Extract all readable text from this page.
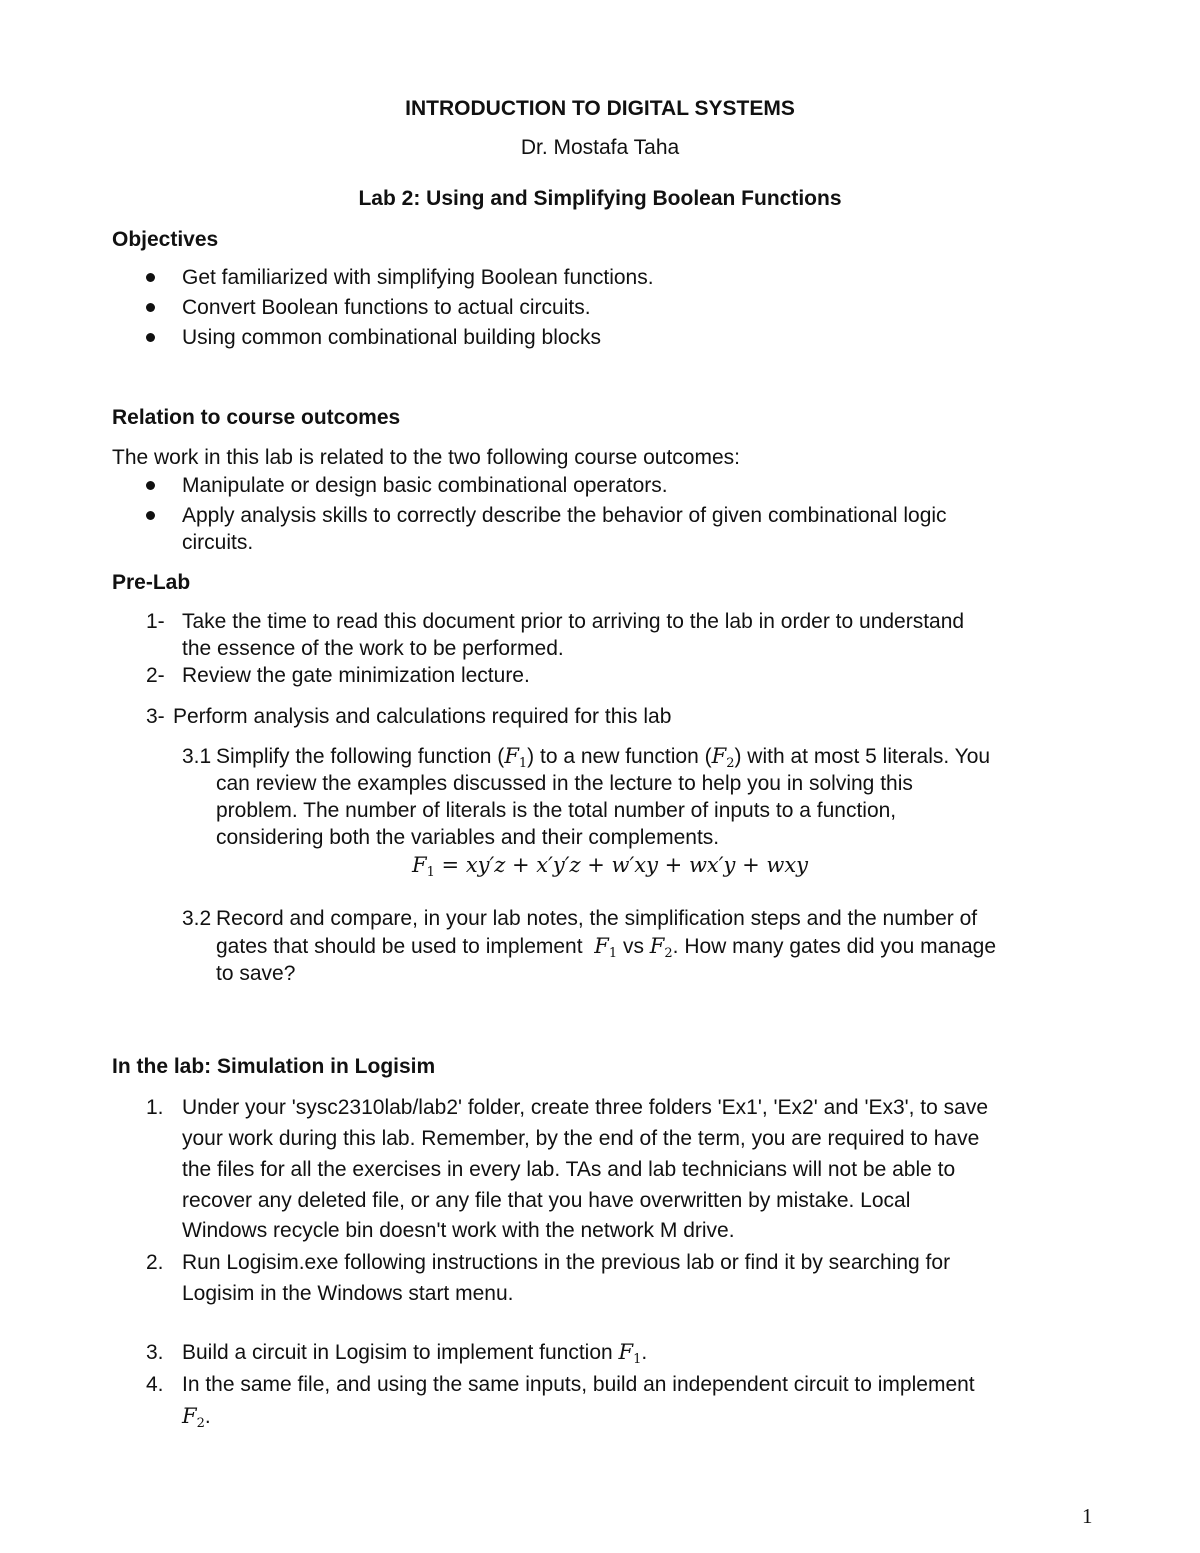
INTRODUCTION TO DIGITAL SYSTEMS
Dr. Mostafa Taha
Lab 2: Using and Simplifying Boolean Functions
Objectives
Get familiarized with simplifying Boolean functions.
Convert Boolean functions to actual circuits.
Using common combinational building blocks
Relation to course outcomes
The work in this lab is related to the two following course outcomes:
Manipulate or design basic combinational operators.
Apply analysis skills to correctly describe the behavior of given combinational logic
circuits.
Pre-Lab
1- Take the time to read this document prior to arriving to the lab in order to understand
the essence of the work to be performed.
2- Review the gate minimization lecture.
3- Perform analysis and calculations required for this lab
3.1 Simplify the following function $(F_1)$ to a new function $(F_2)$ with at most 5 literals. You
can review the examples discussed in the lecture to help you in solving this
problem. The number of literals is the total number of inputs to a function,
considering both the variables and their complements.
$F_1 = xy'z + x'y'z + w'xy + wx'y$ + wxy
3.2 Record and compare, in your lab notes, the simplification steps and the number of
gates that should be used to implement $F_1$ vs $F_2$. How many gates did you manage
to save?
In the lab: Simulation in Logisim
1. Under your 'sysc2310lab/lab2' folder, create three folders 'Ex1', 'Ex2' and 'Ex3', to save
your work during this lab. Remember, by the end of the term, you are required to have
the files for all the exercises in every lab. TAs and lab technicians will not be able to
recover any deleted file, or any file that you have overwritten by mistake. Local
Windows recycle bin doesn't work with the network M drive.
2. Run Logisim.exe following instructions in the previous lab or find it by searching for
Logisim in the Windows start menu.
3. Build a circuit in Logisim to implement function $F_1$.
4. In the same file, and using the same inputs, build an independent circuit to implement
$F_2$.
1
